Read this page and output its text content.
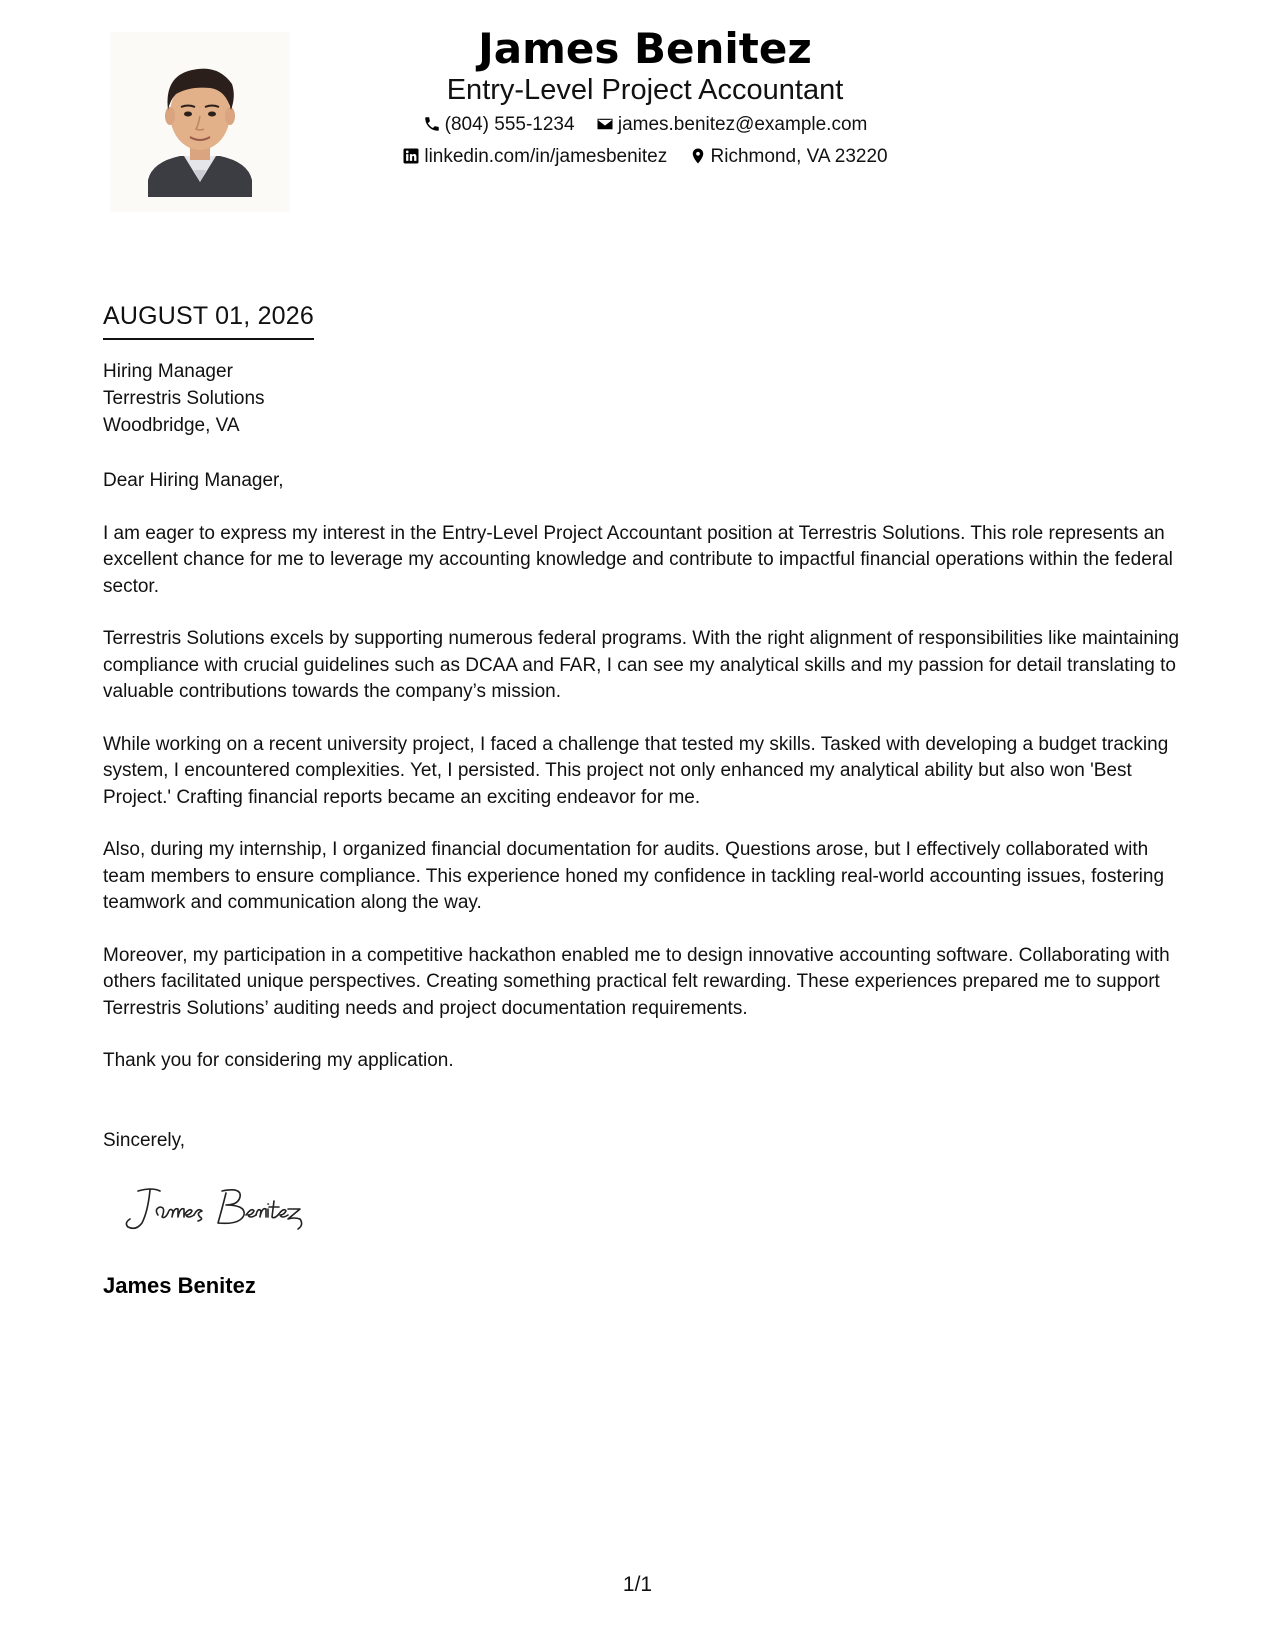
James Benitez
Entry-Level Project Accountant
(804) 555-1234 james.benitez@example.com
linkedin.com/in/jamesbenitez Richmond, VA 23220
AUGUST 01, 2026
Hiring Manager
Terrestris Solutions
Woodbridge, VA

Dear Hiring Manager,

I am eager to express my interest in the Entry-Level Project Accountant position at Terrestris Solutions. This role represents an excellent chance for me to leverage my accounting knowledge and contribute to impactful financial operations within the federal sector.

Terrestris Solutions excels by supporting numerous federal programs. With the right alignment of responsibilities like maintaining compliance with crucial guidelines such as DCAA and FAR, I can see my analytical skills and my passion for detail translating to valuable contributions towards the company’s mission.

While working on a recent university project, I faced a challenge that tested my skills. Tasked with developing a budget tracking system, I encountered complexities. Yet, I persisted. This project not only enhanced my analytical ability but also won 'Best Project.' Crafting financial reports became an exciting endeavor for me.

Also, during my internship, I organized financial documentation for audits. Questions arose, but I effectively collaborated with team members to ensure compliance. This experience honed my confidence in tackling real-world accounting issues, fostering teamwork and communication along the way.

Moreover, my participation in a competitive hackathon enabled me to design innovative accounting software. Collaborating with others facilitated unique perspectives. Creating something practical felt rewarding. These experiences prepared me to support Terrestris Solutions’ auditing needs and project documentation requirements.

Thank you for considering my application.

Sincerely,
James Benitez
1/1
